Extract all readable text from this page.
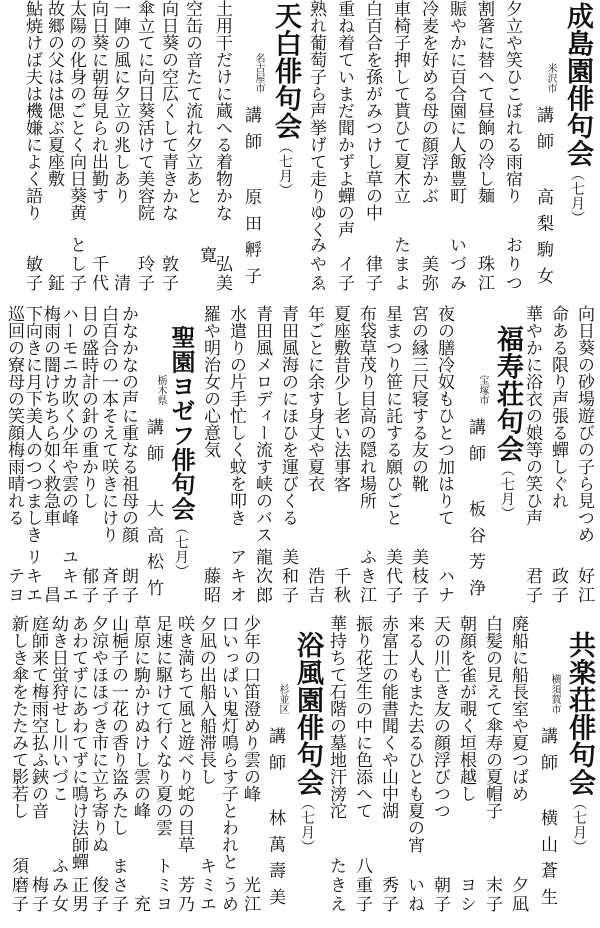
成島園俳句会（七月）
講師 高梨駒女
米沢市
夕立や笑ひこぼれる雨宿り
おりつ
割箸に替へて昼餉の冷し麺
珠江
賑やかに百合園に人飯豊町
いづみ
冷麦を好める母の顔浮かぶ
美弥
車椅子押して貰ひて夏木立
たまよ
白百合を孫がみつけし草の中
律子
重ね着ていまだ聞かずよ蟬の声
イ子
熟れ葡萄子ら声挙げて走りゆく
みやゑ
天白俳句会（七月）
講師 原田孵子
名古屋市
土用干だけに蔵へる着物かな
弘美
寛
空缶の音たて流れ夕立あと
向日葵の空広くして青きかな
敦子
傘立てに向日葵活けて美容院
玲子
一陣の風に夕立の兆しあり
清
向日葵に朝毎見られ出勤す
千代
太陽の化身のごとく向日葵黄
とし子
故郷の父はは偲ぶ夏座敷
鉦
鮎焼けば夫は機嫌によく語り
敏子
向日葵の砂場遊びの子ら見つめ
好江
命ある限り声張る蟬しぐれ
政子
華やかに浴衣の娘等の笑ひ声
君子
福寿荘句会（七月）
講師 板谷芳浄
宝塚市
夜の膳冷奴もひとつ加はりて
ハナ
宮の縁三尺寝する友の靴
美枝子
星まつり笹に託する願ひごと
美代子
布袋草茂り目高の隠れ場所
ふき江
夏座敷昔少し老い法事客
千秋
年ごとに余す身丈や夏衣
浩吉
青田風海のにほひを運びくる
美和子
青田風メロディー流す峡のバス
龍次郎
水遣りの片手忙しく蚊を叩き
アキオ
羅や明治女の心意気
藤昭
聖園ヨゼフ俳句会（七月）
講師 大高松竹
栃木県
かなかなの声に重なる祖母の顔
朗子
白百合の一本そえて咲きにけり
斉子
日の盛時計の針の重かりし
郁子
ハーモニカ吹く少年や雲の峰
ユキエ
梅雨の闇けちちら如く救急車
昌
下向きに月下美人のつつましき
リキエ
巡回の寮母の笑顔梅雨晴れる
テヨ
共楽荘俳句会（七月）
講師 横山蒼生
横須賀市
廃船に船長室や夏つばめ
夕凪
白髪の見えて傘寿の夏帽子
末子
朝顔を雀が覗く垣根越し
ヨシ
天の川亡き友の顔浮びつつ
朝子
来る人もまた去るひとも夏の宵
いね
赤富士の能書聞くや山中湖
秀子
振り花芝生の中に色添へて
八重子
華持ちて石階の墓地汗滂沱
たきえ
浴風園俳句会（七月）
講師 林萬壽美
杉並区
少年の口笛澄めり雲の峰
光江
口いっぱい鬼灯鳴らす子とわれと
うめ
夕凪の出船入船滞長し
キミエ
咲き満ちて風と遊べり蛇の目草
芳乃
足速に駆けて行くなり夏の雲
トミヨ
草原に駒かけぬけし雲の峰
充
山梔子の一花の香り盗みたし
まさ子
夕涼やほほづき市に立ち寄りぬ
俊子
あわてずにあわてずに鳴け法師蟬
正男
幼き日蛍狩せし川いづこ
ふみ女
庭師来て梅雨空払ふ鋏の音
梅子
新しき傘をたたみて影若し
須磨子
夕立を避けて長居の喫茶店章 大夕立洗ふがごとく灯る門千枝 幕間の一景のごと夕立来し一恵 蟬声の切れ目にとんぼ飛び去りぬ祐 梅雨冷や足の関節ぼきと鳴り濃泉 夏つばめ花輪のならぶレストラン勝三郎
